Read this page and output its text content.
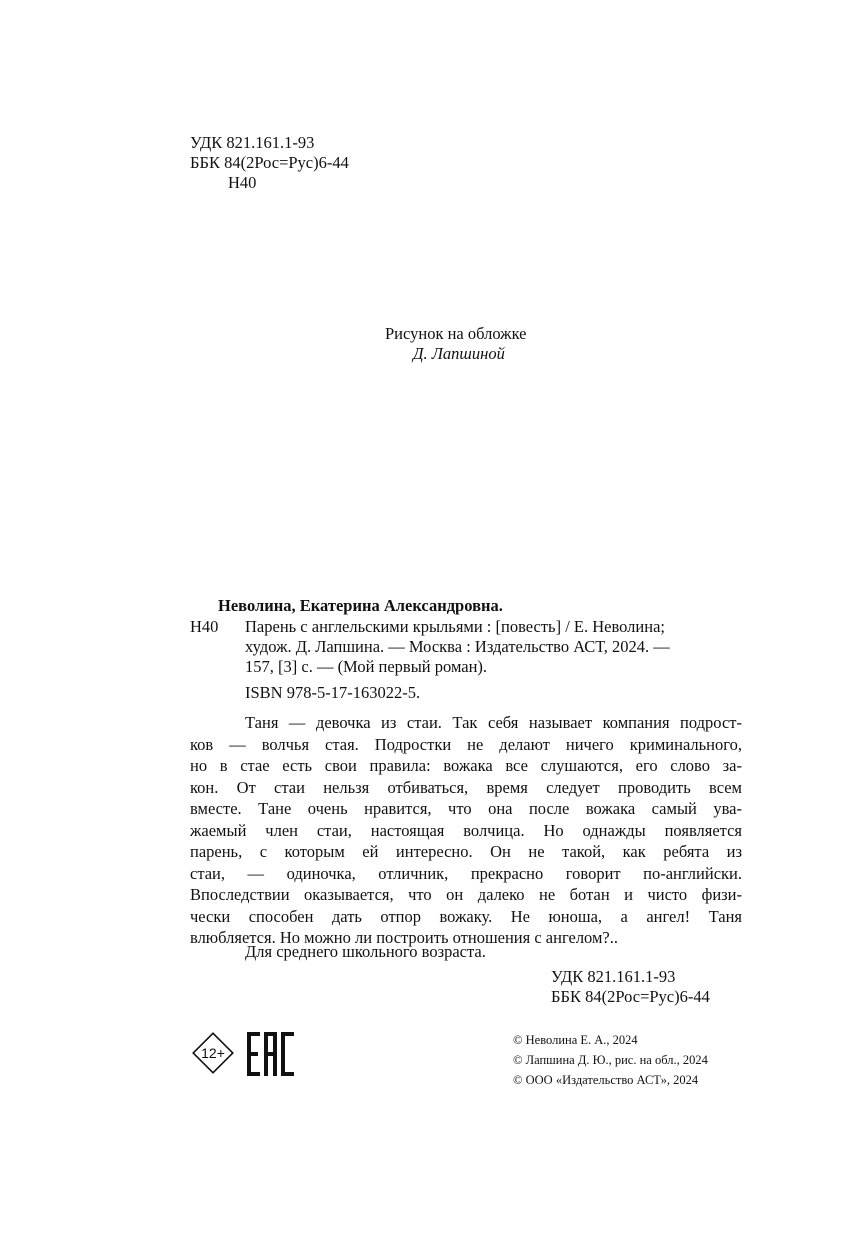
УДК 821.161.1-93
ББК 84(2Рос=Рус)6-44
Н40
Рисунок на обложке
Д. Лапшиной
Неволина, Екатерина Александровна.
Н40 Парень с англельскими крыльями : [повесть] / Е. Неволина;
худож. Д. Лапшина. — Москва : Издательство АСТ, 2024. —
157, [3] с. — (Мой первый роман).
ISBN 978-5-17-163022-5.
Таня — девочка из стаи. Так себя называет компания подрост-
ков — волчья стая. Подростки не делают ничего криминального,
но в стае есть свои правила: вожака все слушаются, его слово за-
кон. От стаи нельзя отбиваться, время следует проводить всем
вместе. Тане очень нравится, что она после вожака самый ува-
жаемый член стаи, настоящая волчица. Но однажды появляется
парень, с которым ей интересно. Он не такой, как ребята из
стаи, — одиночка, отличник, прекрасно говорит по-английски.
Впоследствии оказывается, что он далеко не ботан и чисто физи-
чески способен дать отпор вожаку. Не юноша, а ангел! Таня
влюбляется. Но можно ли построить отношения с ангелом?..
Для среднего школьного возраста.
УДК 821.161.1-93
ББК 84(2Рос=Рус)6-44
12+
© Неволина Е. А., 2024
© Лапшина Д. Ю., рис. на обл., 2024
© ООО «Издательство АСТ», 2024
